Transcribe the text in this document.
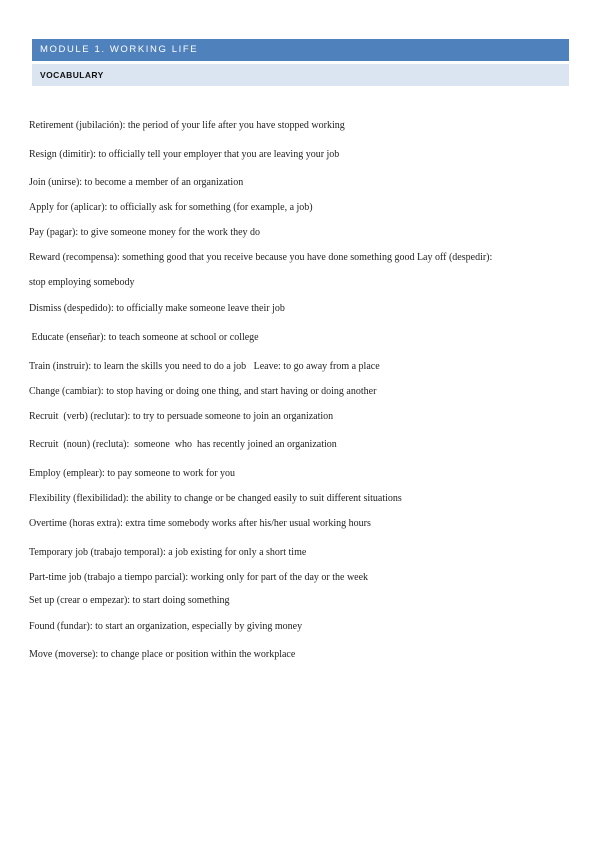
MODULE 1. WORKING LIFE
VOCABULARY
Retirement (jubilación): the period of your life after you have stopped working
Resign (dimitir): to officially tell your employer that you are leaving your job
Join (unirse): to become a member of an organization
Apply for (aplicar): to officially ask for something (for example, a job)
Pay (pagar): to give someone money for the work they do
Reward (recompensa): something good that you receive because you have done something good Lay off (despedir):
stop employing somebody
Dismiss (despedido): to officially make someone leave their job
Educate (enseñar): to teach someone at school or college
Train (instruir): to learn the skills you need to do a job   Leave: to go away from a place
Change (cambiar): to stop having or doing one thing, and start having or doing another
Recruit  (verb) (reclutar): to try to persuade someone to join an organization
Recruit  (noun) (recluta):  someone  who  has recently joined an organization
Employ (emplear): to pay someone to work for you
Flexibility (flexibilidad): the ability to change or be changed easily to suit different situations
Overtime (horas extra): extra time somebody works after his/her usual working hours
Temporary job (trabajo temporal): a job existing for only a short time
Part-time job (trabajo a tiempo parcial): working only for part of the day or the week
Set up (crear o empezar): to start doing something
Found (fundar): to start an organization, especially by giving money
Move (moverse): to change place or position within the workplace
